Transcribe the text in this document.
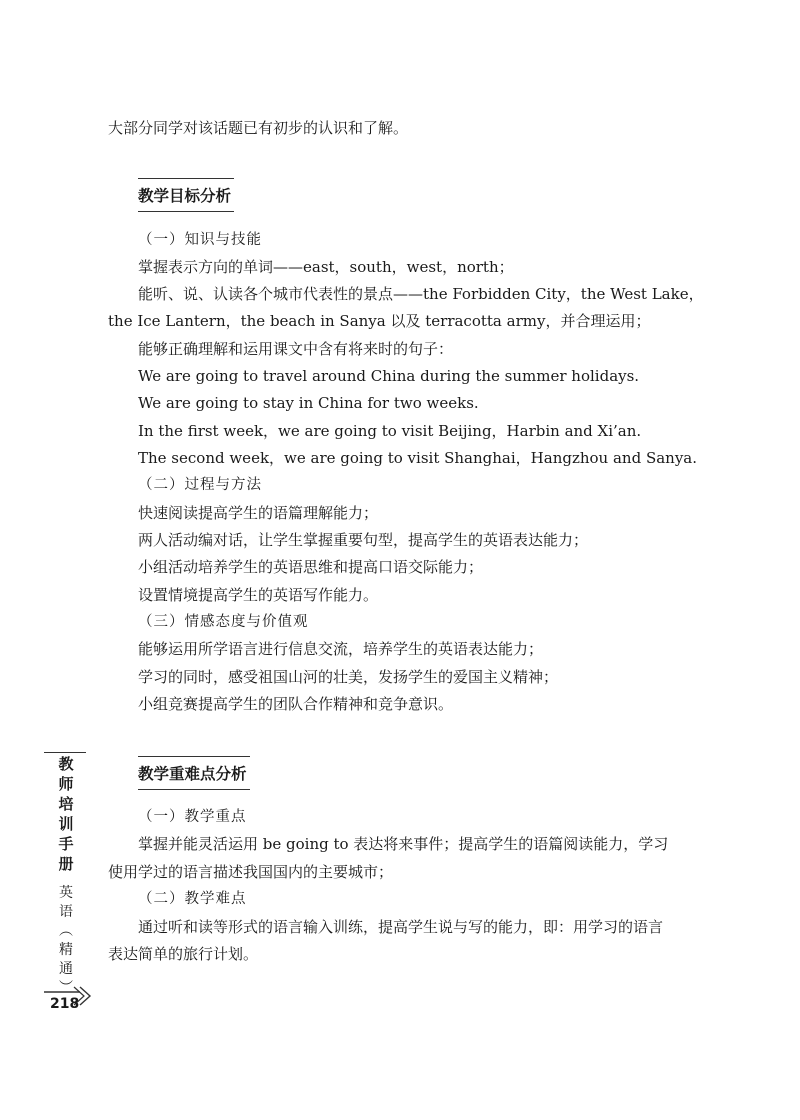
大部分同学对该话题已有初步的认识和了解。
教学目标分析
（一）知识与技能
掌握表示方向的单词——east，south，west，north；
能听、说、认读各个城市代表性的景点——the Forbidden City，the West Lake，
the Ice Lantern，the beach in Sanya 以及 terracotta army，并合理运用；
能够正确理解和运用课文中含有将来时的句子：
We are going to travel around China during the summer holidays.
We are going to stay in China for two weeks.
In the first week，we are going to visit Beijing，Harbin and Xi’an.
The second week，we are going to visit Shanghai，Hangzhou and Sanya.
（二）过程与方法
快速阅读提高学生的语篇理解能力；
两人活动编对话，让学生掌握重要句型，提高学生的英语表达能力；
小组活动培养学生的英语思维和提高口语交际能力；
设置情境提高学生的英语写作能力。
（三）情感态度与价值观
能够运用所学语言进行信息交流，培养学生的英语表达能力；
学习的同时，感受祖国山河的壮美，发扬学生的爱国主义精神；
小组竞赛提高学生的团队合作精神和竞争意识。
教学重难点分析
（一）教学重点
掌握并能灵活运用 be going to 表达将来事件；提高学生的语篇阅读能力，学习
使用学过的语言描述我国国内的主要城市；
（二）教学难点
通过听和读等形式的语言输入训练，提高学生说与写的能力，即：用学习的语言
表达简单的旅行计划。
教
师
培
训
手
册
英
语
︵
精
通
︶
218
